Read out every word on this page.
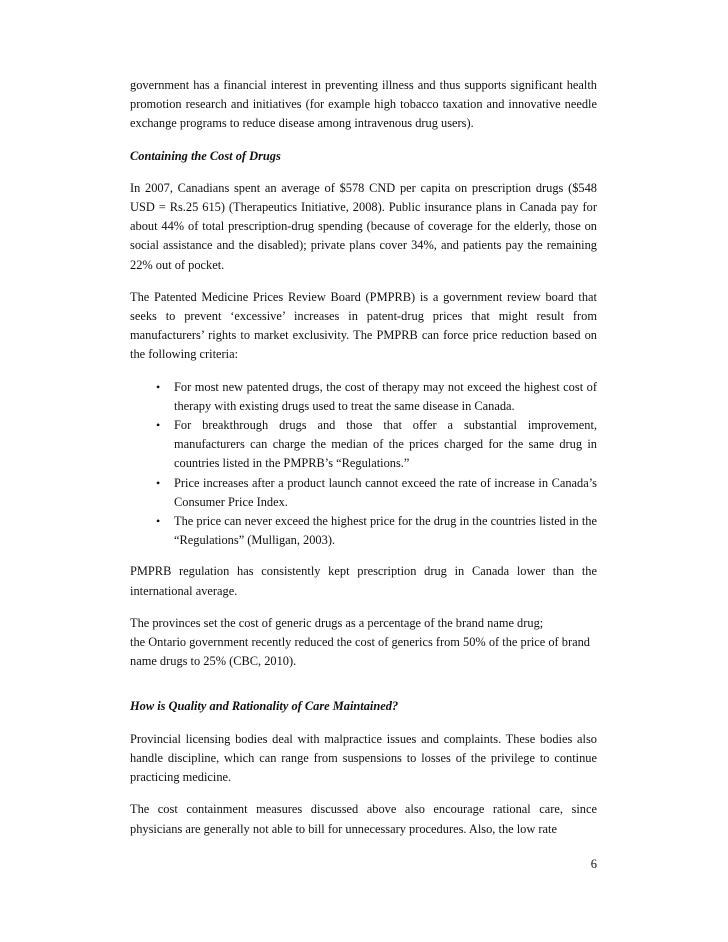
government has a financial interest in preventing illness and thus supports significant health promotion research and initiatives (for example high tobacco taxation and innovative needle exchange programs to reduce disease among intravenous drug users).

Containing the Cost of Drugs

In 2007, Canadians spent an average of $578 CND per capita on prescription drugs ($548 USD = Rs.25 615) (Therapeutics Initiative, 2008). Public insurance plans in Canada pay for about 44% of total prescription-drug spending (because of coverage for the elderly, those on social assistance and the disabled); private plans cover 34%, and patients pay the remaining 22% out of pocket.

The Patented Medicine Prices Review Board (PMPRB) is a government review board that seeks to prevent ‘excessive’ increases in patent-drug prices that might result from manufacturers’ rights to market exclusivity. The PMPRB can force price reduction based on the following criteria:

• For most new patented drugs, the cost of therapy may not exceed the highest cost of therapy with existing drugs used to treat the same disease in Canada.
• For breakthrough drugs and those that offer a substantial improvement, manufacturers can charge the median of the prices charged for the same drug in countries listed in the PMPRB’s “Regulations.”
• Price increases after a product launch cannot exceed the rate of increase in Canada’s Consumer Price Index.
• The price can never exceed the highest price for the drug in the countries listed in the “Regulations” (Mulligan, 2003).

PMPRB regulation has consistently kept prescription drug in Canada lower than the international average.

The provinces set the cost of generic drugs as a percentage of the brand name drug;
the Ontario government recently reduced the cost of generics from 50% of the price of brand name drugs to 25% (CBC, 2010).

How is Quality and Rationality of Care Maintained?

Provincial licensing bodies deal with malpractice issues and complaints. These bodies also handle discipline, which can range from suspensions to losses of the privilege to continue practicing medicine.

The cost containment measures discussed above also encourage rational care, since physicians are generally not able to bill for unnecessary procedures. Also, the low rate

6
